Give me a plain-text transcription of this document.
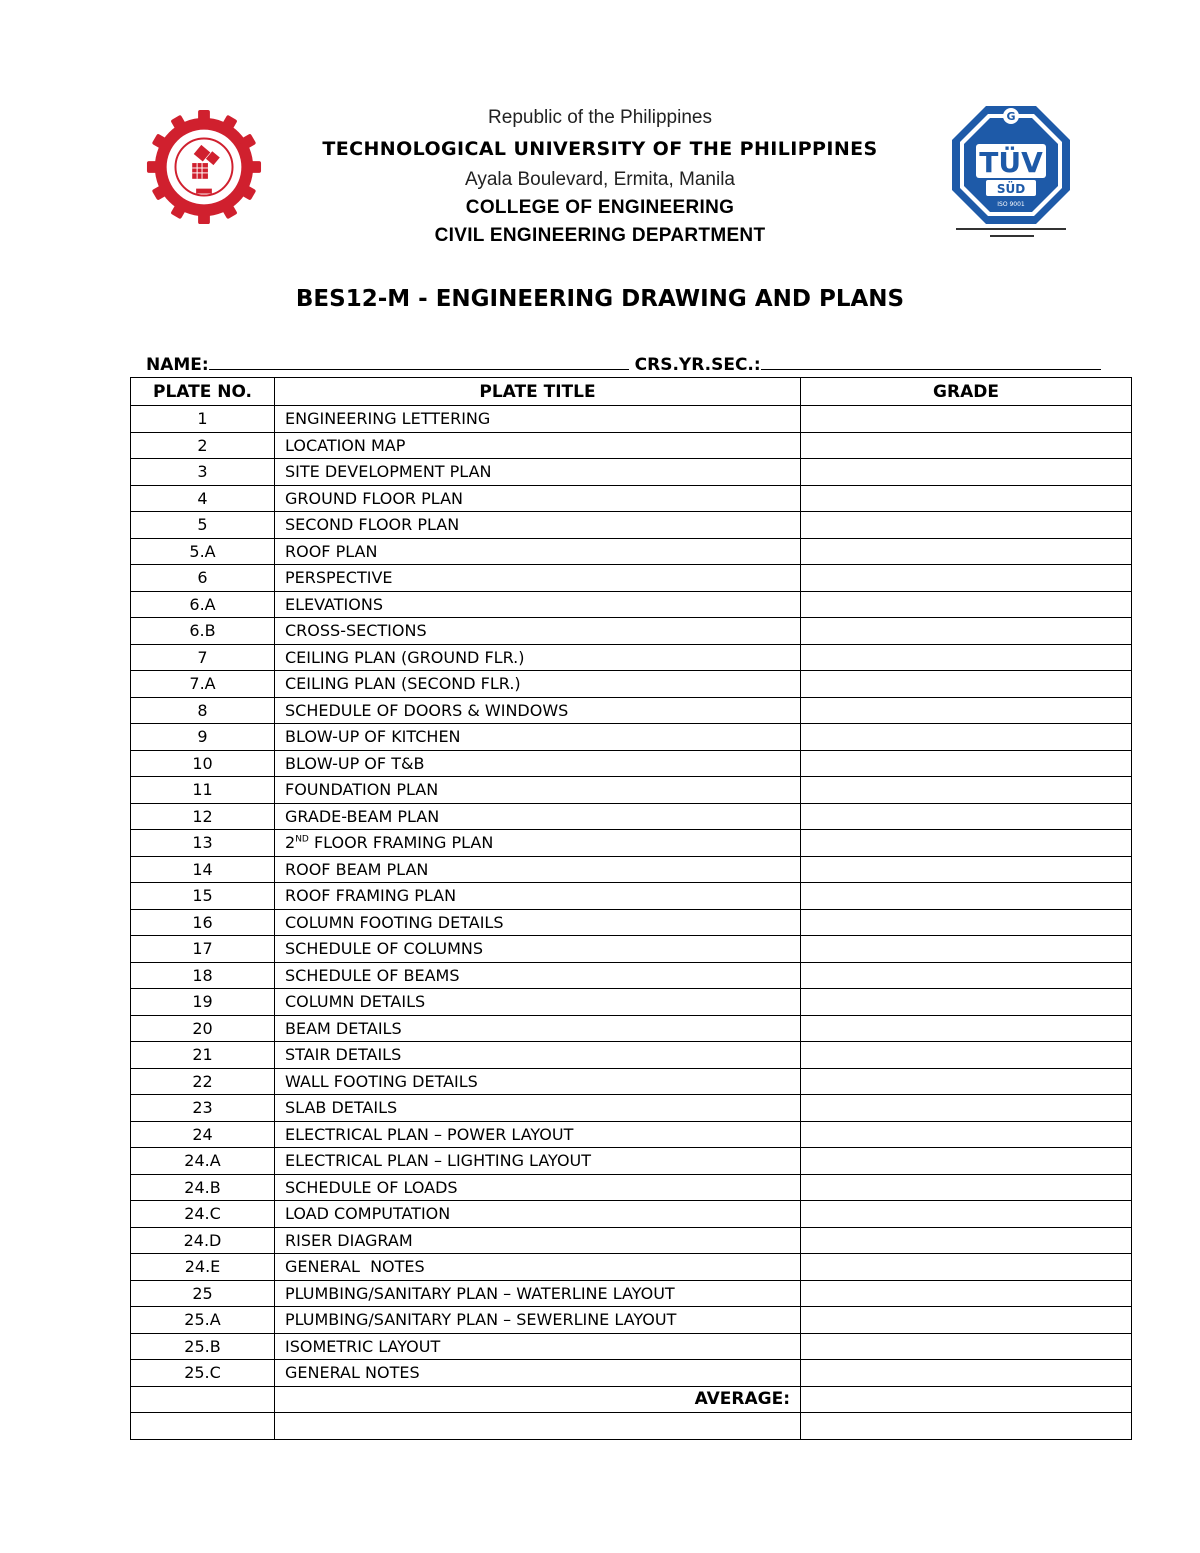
G
TÜV
SÜD
ISO 9001
Republic of the Philippines
TECHNOLOGICAL UNIVERSITY OF THE PHILIPPINES
Ayala Boulevard, Ermita, Manila
COLLEGE OF ENGINEERING
CIVIL ENGINEERING DEPARTMENT
BES12-M - ENGINEERING DRAWING AND PLANS
NAME:	CRS.YR.SEC.:
PLATE NO.	PLATE TITLE	GRADE
1	ENGINEERING LETTERING	
2	LOCATION MAP	
3	SITE DEVELOPMENT PLAN	
4	GROUND FLOOR PLAN	
5	SECOND FLOOR PLAN	
5.A	ROOF PLAN	
6	PERSPECTIVE	
6.A	ELEVATIONS	
6.B	CROSS-SECTIONS	
7	CEILING PLAN (GROUND FLR.)	
7.A	CEILING PLAN (SECOND FLR.)	
8	SCHEDULE OF DOORS & WINDOWS	
9	BLOW-UP OF KITCHEN	
10	BLOW-UP OF T&B	
11	FOUNDATION PLAN	
12	GRADE-BEAM PLAN	
13	2ND FLOOR FRAMING PLAN	
14	ROOF BEAM PLAN	
15	ROOF FRAMING PLAN	
16	COLUMN FOOTING DETAILS	
17	SCHEDULE OF COLUMNS	
18	SCHEDULE OF BEAMS	
19	COLUMN DETAILS	
20	BEAM DETAILS	
21	STAIR DETAILS	
22	WALL FOOTING DETAILS	
23	SLAB DETAILS	
24	ELECTRICAL PLAN – POWER LAYOUT	
24.A	ELECTRICAL PLAN – LIGHTING LAYOUT	
24.B	SCHEDULE OF LOADS	
24.C	LOAD COMPUTATION	
24.D	RISER DIAGRAM	
24.E	GENERAL  NOTES	
25	PLUMBING/SANITARY PLAN – WATERLINE LAYOUT	
25.A	PLUMBING/SANITARY PLAN – SEWERLINE LAYOUT	
25.B	ISOMETRIC LAYOUT	
25.C	GENERAL NOTES	
	AVERAGE:	
